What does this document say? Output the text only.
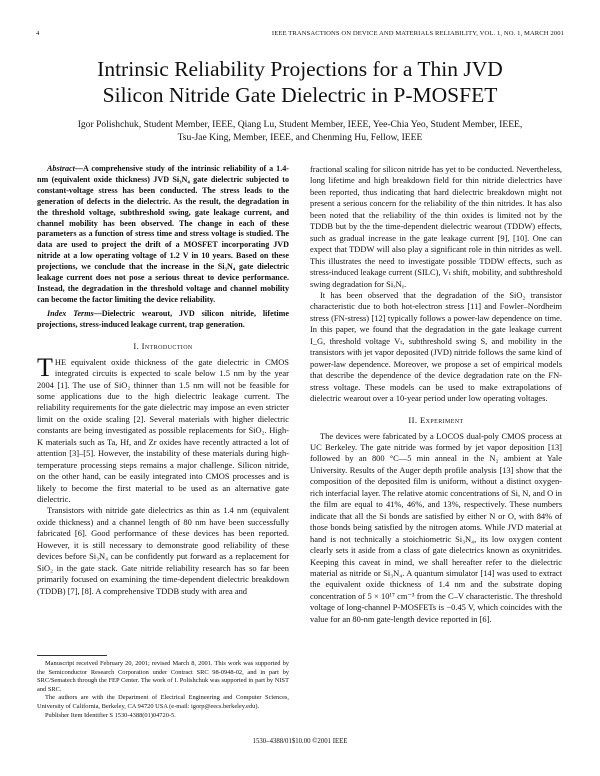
4	IEEE TRANSACTIONS ON DEVICE AND MATERIALS RELIABILITY, VOL. 1, NO. 1, MARCH 2001
Intrinsic Reliability Projections for a Thin JVD
Silicon Nitride Gate Dielectric in P-MOSFET
Igor Polishchuk, Student Member, IEEE, Qiang Lu, Student Member, IEEE, Yee-Chia Yeo, Student Member, IEEE,
Tsu-Jae King, Member, IEEE, and Chenming Hu, Fellow, IEEE

Abstract—A comprehensive study of the intrinsic reliability of a 1.4-nm (equivalent oxide thickness) JVD Si₃N₄ gate dielectric subjected to constant-voltage stress has been conducted. The stress leads to the generation of defects in the dielectric. As the result, the degradation in the threshold voltage, subthreshold swing, gate leakage current, and channel mobility has been observed. The change in each of these parameters as a function of stress time and stress voltage is studied. The data are used to project the drift of a MOSFET incorporating JVD nitride at a low operating voltage of 1.2 V in 10 years. Based on these projections, we conclude that the increase in the Si₃N₄ gate dielectric leakage current does not pose a serious threat to device performance. Instead, the degradation in the threshold voltage and channel mobility can become the factor limiting the device reliability.

Index Terms—Dielectric wearout, JVD silicon nitride, lifetime projections, stress-induced leakage current, trap generation.

I. Introduction

THE equivalent oxide thickness of the gate dielectric in CMOS integrated circuits is expected to scale below 1.5 nm by the year 2004 [1]. The use of SiO₂ thinner than 1.5 nm will not be feasible for some applications due to the high dielectric leakage current. The reliability requirements for the gate dielectric may impose an even stricter limit on the oxide scaling [2]. Several materials with higher dielectric constants are being investigated as possible replacements for SiO₂. High-K materials such as Ta, Hf, and Zr oxides have recently attracted a lot of attention [3]–[5]. However, the instability of these materials during high-temperature processing steps remains a major challenge. Silicon nitride, on the other hand, can be easily integrated into CMOS processes and is likely to become the first material to be used as an alternative gate dielectric.

Transistors with nitride gate dielectrics as thin as 1.4 nm (equivalent oxide thickness) and a channel length of 80 nm have been successfully fabricated [6]. Good performance of these devices has been reported. However, it is still necessary to demonstrate good reliability of these devices before Si₃N₄ can be confidently put forward as a replacement for SiO₂ in the gate stack. Gate nitride reliability research has so far been primarily focused on examining the time-dependent dielectric breakdown (TDDB) [7], [8]. A comprehensive TDDB study with area and

Manuscript received February 20, 2001; revised March 8, 2001. This work was supported by the Semiconductor Research Corporation under Contract SRC 98-0948-02, and in part by SRC/Sematech through the FEP Center. The work of I. Polishchuk was supported in part by NIST and SRC.

The authors are with the Department of Electrical Engineering and Computer Sciences, University of California, Berkeley, CA 94720 USA (e-mail: igorp@eecs.berkeley.edu).

Publisher Item Identifier S 1530-4388(01)04720-5.

fractional scaling for silicon nitride has yet to be conducted. Nevertheless, long lifetime and high breakdown field for thin nitride dielectrics have been reported, thus indicating that hard dielectric breakdown might not present a serious concern for the reliability of the thin nitrides. It has also been noted that the reliability of the thin oxides is limited not by the TDDB but by the the time-dependent dielectric wearout (TDDW) effects, such as gradual increase in the gate leakage current [9], [10]. One can expect that TDDW will also play a significant role in thin nitrides as well. This illustrates the need to investigate possible TDDW effects, such as stress-induced leakage current (SILC), Vₜ shift, mobility, and subthreshold swing degradation for SiₓNᵧ.

It has been observed that the degradation of the SiO₂ transistor characteristic due to both hot-electron stress [11] and Fowler–Nordheim stress (FN-stress) [12] typically follows a power-law dependence on time. In this paper, we found that the degradation in the gate leakage current I_G, threshold voltage Vₜ, subthreshold swing S, and mobility in the transistors with jet vapor deposited (JVD) nitride follows the same kind of power-law dependence. Moreover, we propose a set of empirical models that describe the dependence of the device degradation rate on the FN-stress voltage. These models can be used to make extrapolations of dielectric wearout over a 10-year period under low operating voltages.

II. Experiment

The devices were fabricated by a LOCOS dual-poly CMOS process at UC Berkeley. The gate nitride was formed by jet vapor deposition [13] followed by an 800 °C—5 min anneal in the N₂ ambient at Yale University. Results of the Auger depth profile analysis [13] show that the composition of the deposited film is uniform, without a distinct oxygen-rich interfacial layer. The relative atomic concentrations of Si, N, and O in the film are equal to 41%, 46%, and 13%, respectively. These numbers indicate that all the Si bonds are satisfied by either N or O, with 84% of those bonds being satisfied by the nitrogen atoms. While JVD material at hand is not technically a stoichiometric Si₃N₄, its low oxygen content clearly sets it aside from a class of gate dielectrics known as oxynitrides. Keeping this caveat in mind, we shall hereafter refer to the dielectric material as nitride or Si₃N₄. A quantum simulator [14] was used to extract the equivalent oxide thickness of 1.4 nm and the substrate doping concentration of 5 × 10¹⁷ cm⁻³ from the C–V characteristic. The threshold voltage of long-channel P-MOSFETs is −0.45 V, which coincides with the value for an 80-nm gate-length device reported in [6].

1530–4388/01$10.00 ©2001 IEEE
